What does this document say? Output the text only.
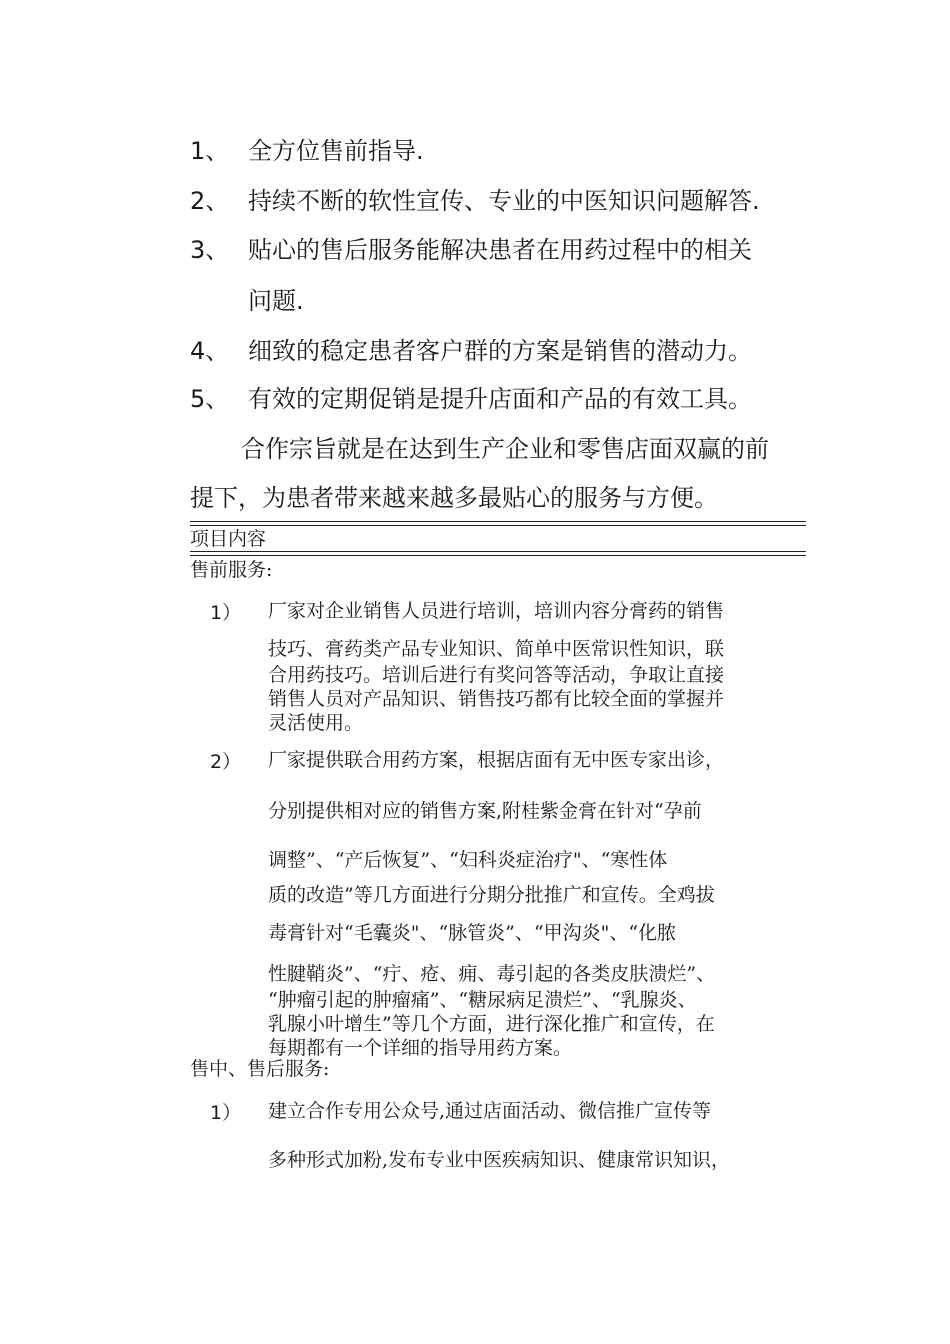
1、 全方位售前指导.
2、 持续不断的软性宣传、专业的中医知识问题解答.
3、 贴心的售后服务能解决患者在用药过程中的相关
问题.
4、 细致的稳定患者客户群的方案是销售的潜动力。
5、 有效的定期促销是提升店面和产品的有效工具。
合作宗旨就是在达到生产企业和零售店面双赢的前
提下，为患者带来越来越多最贴心的服务与方便。
项目内容
售前服务:
1） 厂家对企业销售人员进行培训，培训内容分膏药的销售
技巧、膏药类产品专业知识、简单中医常识性知识，联
合用药技巧。培训后进行有奖问答等活动，争取让直接
销售人员对产品知识、销售技巧都有比较全面的掌握并
灵活使用。
2） 厂家提供联合用药方案，根据店面有无中医专家出诊，
分别提供相对应的销售方案,附桂紫金膏在针对“孕前
调整”、“产后恢复”、“妇科炎症治疗"、“寒性体
质的改造”等几方面进行分期分批推广和宣传。全鸡拔
毒膏针对“毛囊炎"、“脉管炎”、“甲沟炎"、“化脓
性腱鞘炎”、“疔、疮、痈、毒引起的各类皮肤溃烂”、
“肿瘤引起的肿瘤痛”、“糖尿病足溃烂”、“乳腺炎、
乳腺小叶增生”等几个方面，进行深化推广和宣传，在
每期都有一个详细的指导用药方案。
售中、售后服务:
1） 建立合作专用公众号,通过店面活动、微信推广宣传等
多种形式加粉,发布专业中医疾病知识、健康常识知识，
